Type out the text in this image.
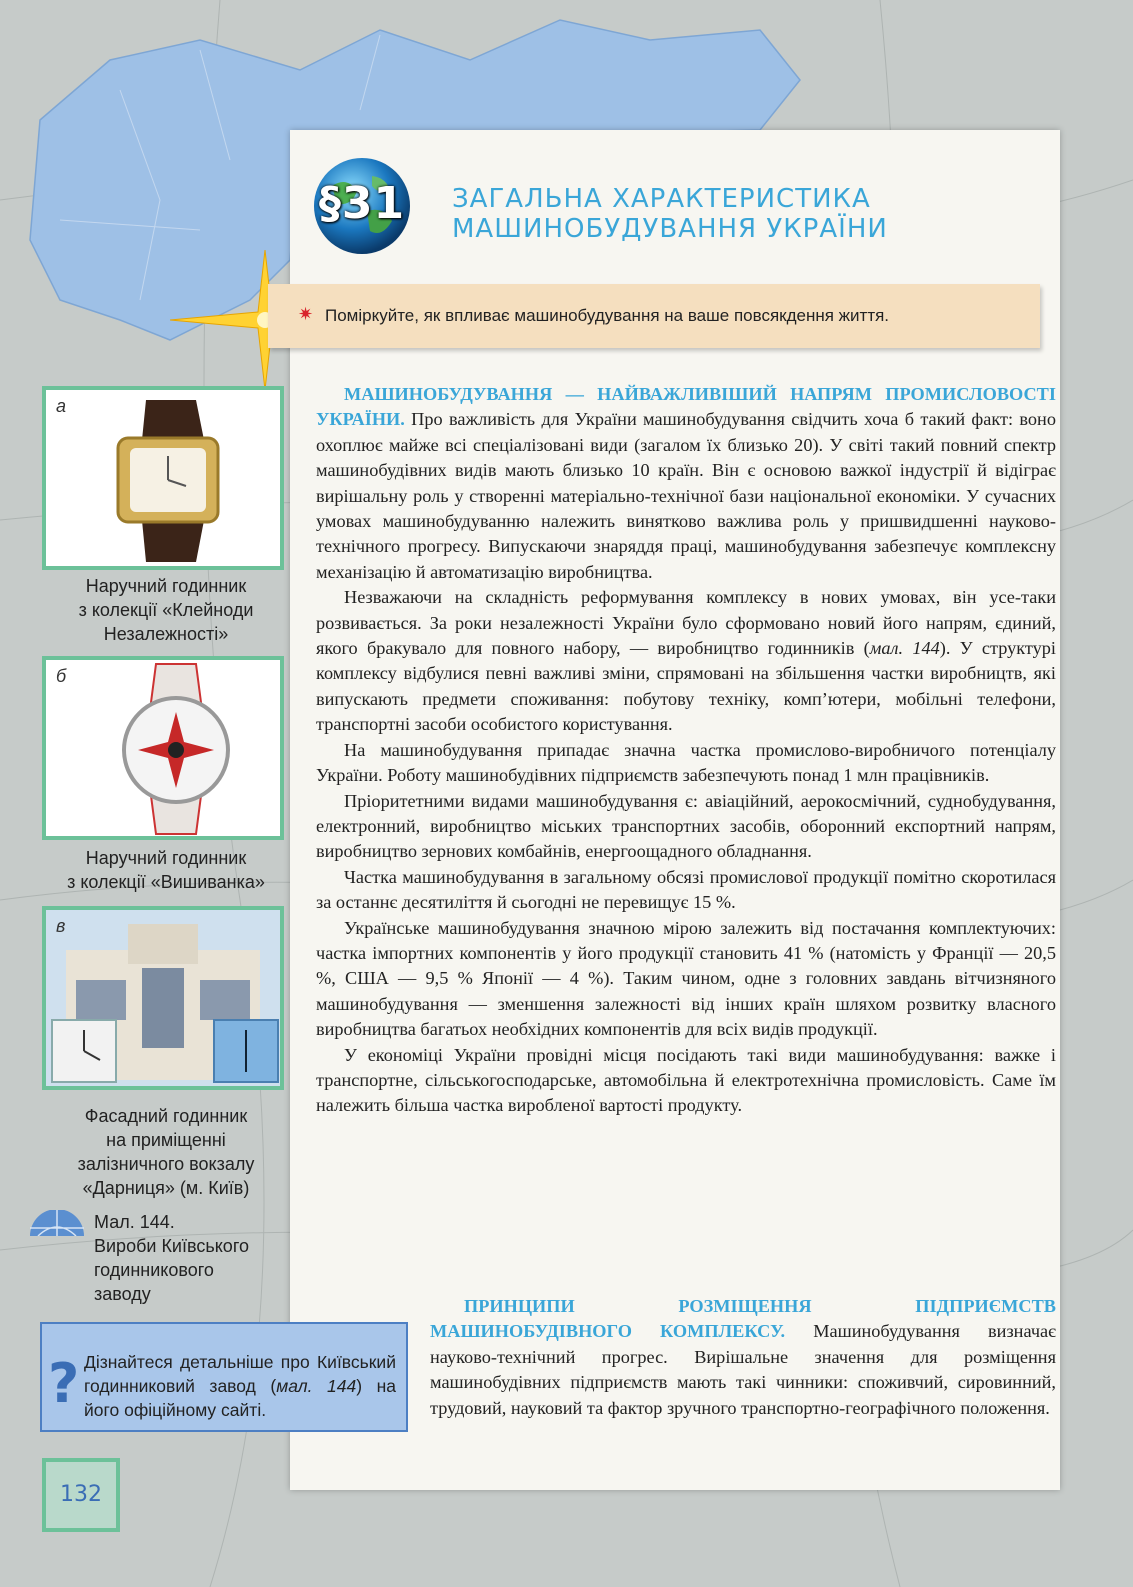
§31 ЗАГАЛЬНА ХАРАКТЕРИСТИКА
МАШИНОБУДУВАННЯ УКРАЇНИ
✷ Поміркуйте, як впливає машинобудування на ваше повсякдення життя.

МАШИНОБУДУВАННЯ — НАЙВАЖЛИВІШИЙ НАПРЯМ ПРОМИСЛОВОСТІ УКРАЇНИ. Про важливість для України машинобудування свідчить хоча б такий факт: воно охоплює майже всі спеціалізовані види (загалом їх близько 20). У світі такий повний спектр машинобудівних видів мають близько 10 країн. Він є основою важкої індустрії й відіграє вирішальну роль у створенні матеріально-технічної бази національної економіки. У сучасних умовах машинобудуванню належить винятково важлива роль у пришвидшенні науково-технічного прогресу. Випускаючи знаряддя праці, машинобудування забезпечує комплексну механізацію й автоматизацію виробництва.

Незважаючи на складність реформування комплексу в нових умовах, він усе-таки розвивається. За роки незалежності України було сформовано новий його напрям, єдиний, якого бракувало для повного набору, — виробництво годинників (мал. 144). У структурі комплексу відбулися певні важливі зміни, спрямовані на збільшення частки виробництв, які випускають предмети споживання: побутову техніку, комп’ютери, мобільні телефони, транспортні засоби особистого користування.

На машинобудування припадає значна частка промислово-виробничого потенціалу України. Роботу машинобудівних підприємств забезпечують понад 1 млн працівників.

Пріоритетними видами машинобудування є: авіаційний, аерокосмічний, суднобудування, електронний, виробництво міських транспортних засобів, оборонний експортний напрям, виробництво зернових комбайнів, енергоощадного обладнання.

Частка машинобудування в загальному обсязі промислової продукції помітно скоротилася за останнє десятиліття й сьогодні не перевищує 15 %.

Українське машинобудування значною мірою залежить від постачання комплектуючих: частка імпортних компонентів у його продукції становить 41 % (натомість у Франції — 20,5 %, США — 9,5 % Японії — 4 %). Таким чином, одне з головних завдань вітчизняного машинобудування — зменшення залежності від інших країн шляхом розвитку власного виробництва багатьох необхідних компонентів для всіх видів продукції.

У економіці України провідні місця посідають такі види машинобудування: важке і транспортне, сільськогосподарське, автомобільна й електротехнічна промисловість. Саме їм належить більша частка виробленої вартості продукту.

ПРИНЦИПИ РОЗМІЩЕННЯ ПІДПРИЄМСТВ МАШИНОБУДІВНОГО КОМПЛЕКСУ. Машинобудування визначає науково-технічний прогрес. Вирішальне значення для розміщення машинобудівних підприємств мають такі чинники: споживчий, сировинний, трудовий, науковий та фактор зручного транспортно-географічного положення.

а
Наручний годинник
з колекції «Клейноди
Незалежності»
б
Наручний годинник
з колекції «Вишиванка»
в
Фасадний годинник
на приміщенні
залізничного вокзалу
«Дарниця» (м. Київ)
Мал. 144.
Вироби Київського
годинникового
заводу
? Дізнайтеся детальніше про Київський годинниковий завод (мал. 144) на його офіційному сайті.
132
